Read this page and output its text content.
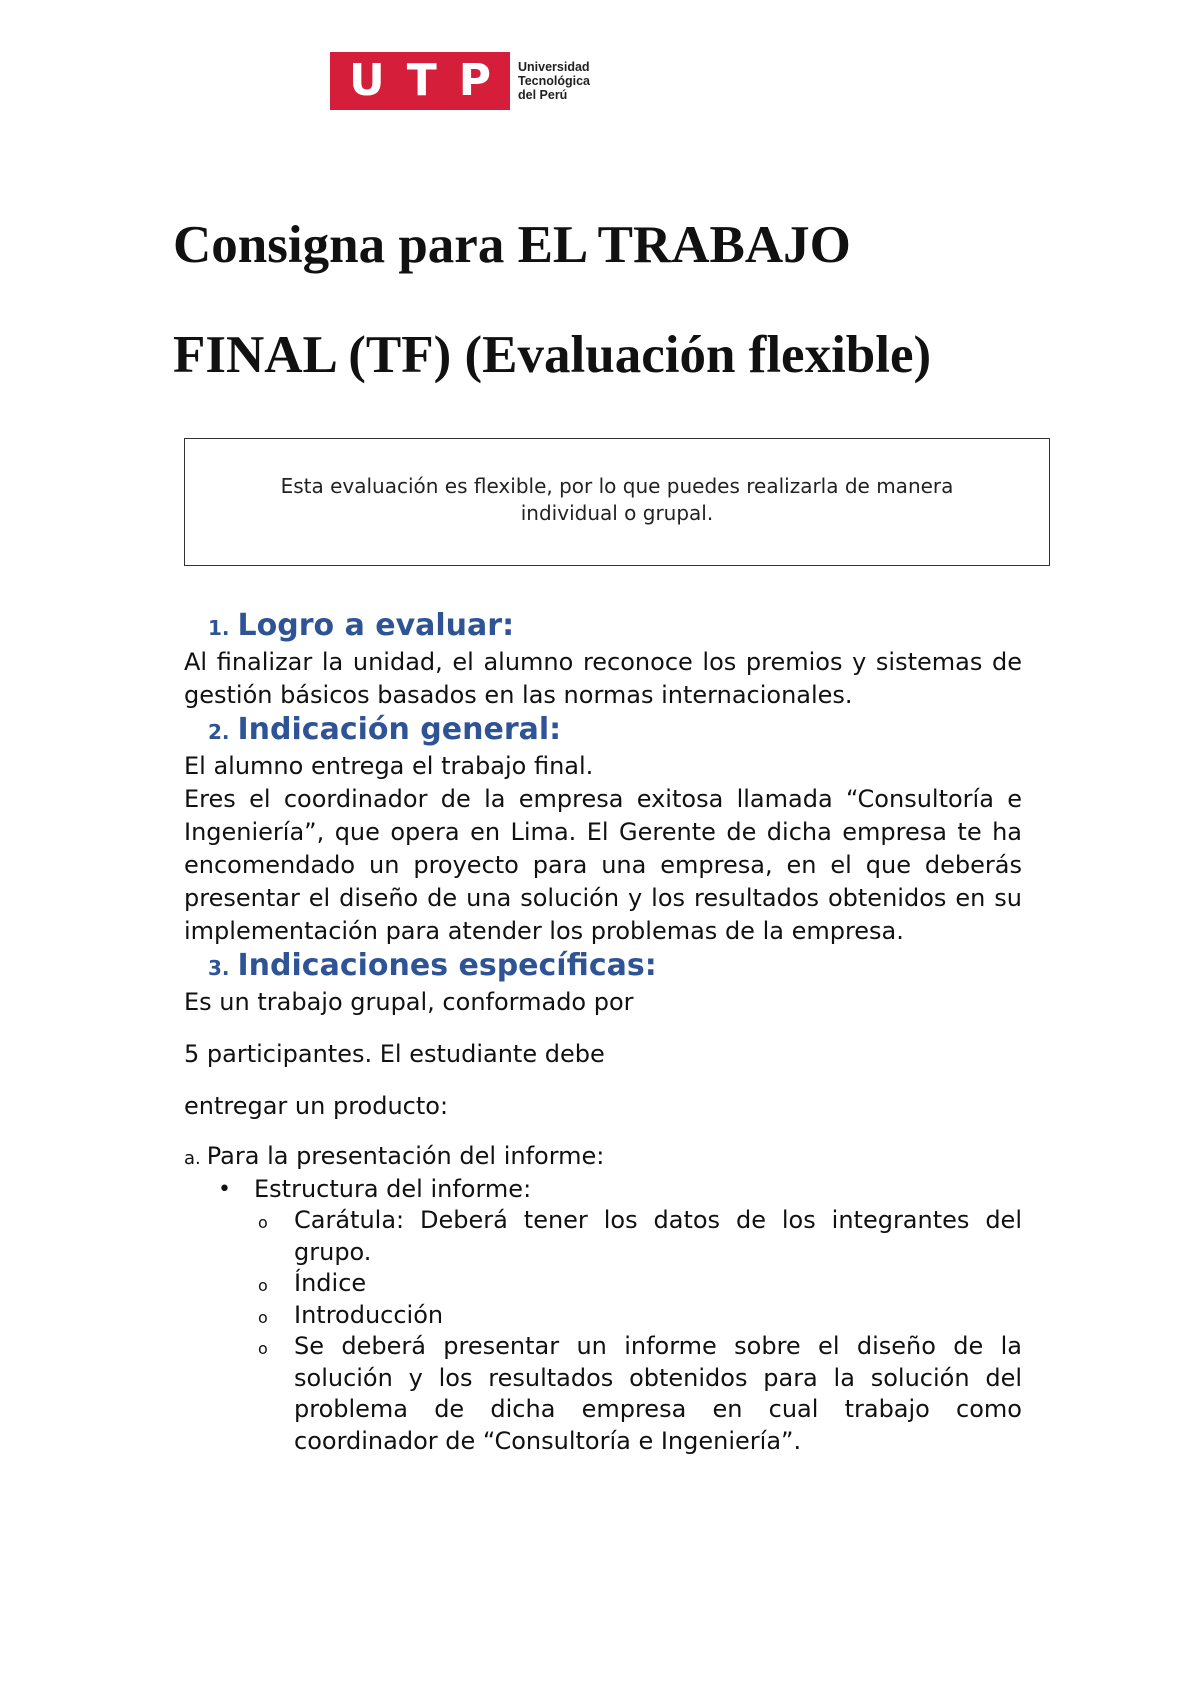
U T P Universidad
Tecnológica
del Perú
Consigna para EL TRABAJO
FINAL (TF) (Evaluación flexible)
Esta evaluación es flexible, por lo que puedes realizarla de manera
individual o grupal.
1. Logro a evaluar:

Al finalizar la unidad, el alumno reconoce los premios y sistemas de gestión básicos basados en las normas internacionales.

2. Indicación general:

El alumno entrega el trabajo final.

Eres el coordinador de la empresa exitosa llamada “Consultoría e Ingeniería”, que opera en Lima. El Gerente de dicha empresa te ha encomendado un proyecto para una empresa, en el que deberás presentar el diseño de una solución y los resultados obtenidos en su implementación para atender los problemas de la empresa.

3. Indicaciones específicas:

Es un trabajo grupal, conformado por

5 participantes. El estudiante debe

entregar un producto:

a. Para la presentación del informe:

• Estructura del informe:

o Carátula: Deberá tener los datos de los integrantes del grupo.
o Índice
o Introducción
o Se deberá presentar un informe sobre el diseño de la solución y los resultados obtenidos para la solución del problema de dicha empresa en cual trabajo como coordinador de “Consultoría e Ingeniería”.
